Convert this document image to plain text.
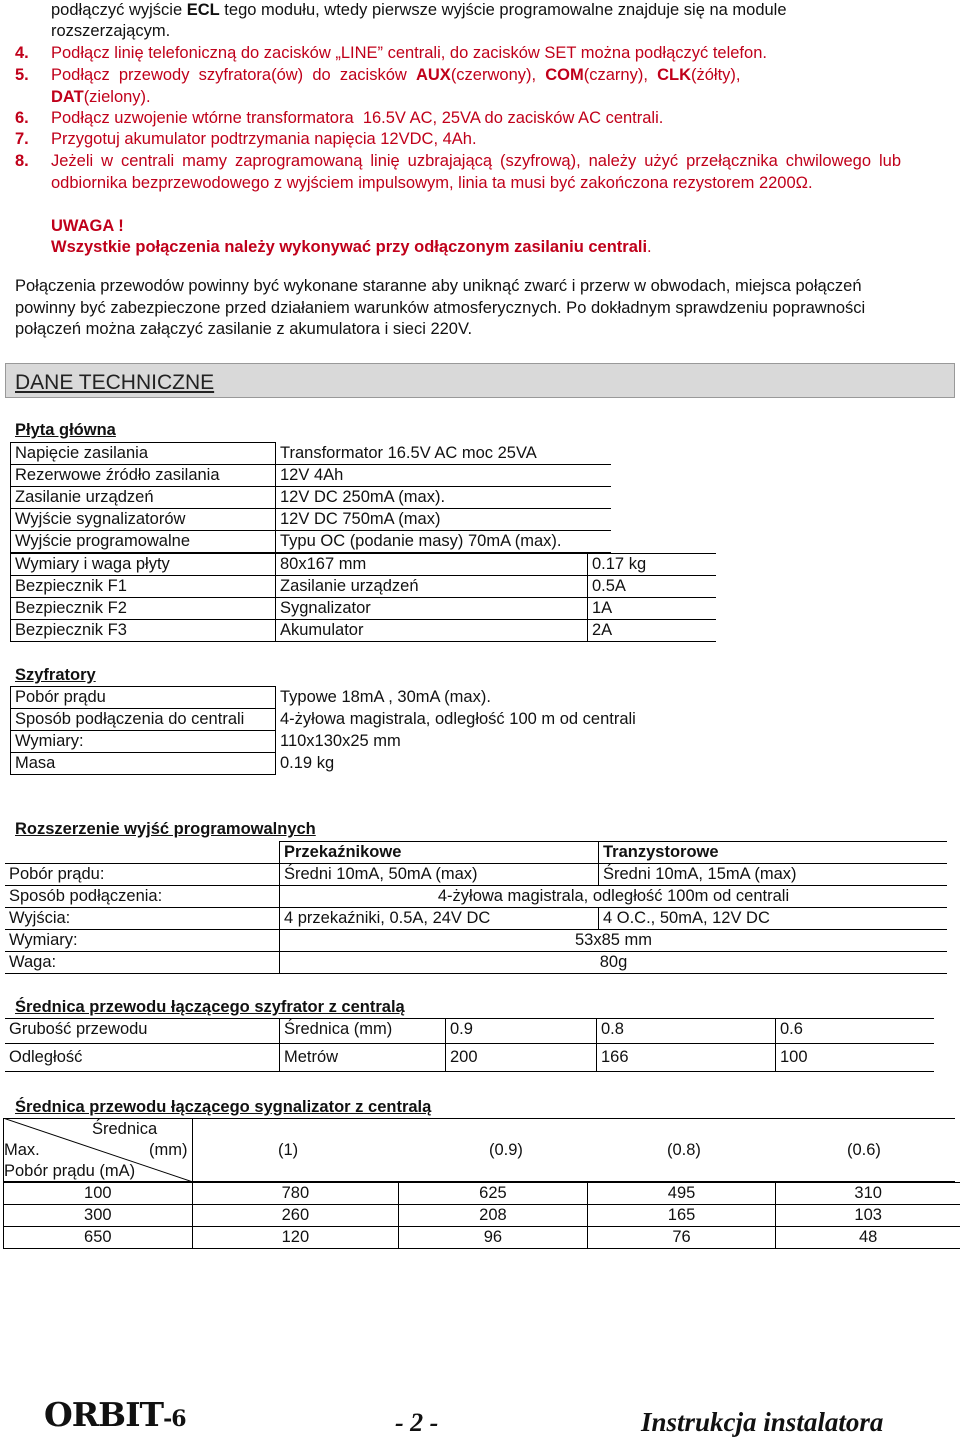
podłączyć wyjście ECL tego modułu, wtedy pierwsze wyjście programowalne znajduje się na module
rozszerzającym.
4. Podłącz linię telefoniczną do zacisków „LINE” centrali, do zacisków SET można podłączyć telefon.
5. Podłącz  przewody  szyfratora(ów)  do  zacisków  AUX(czerwony),  COM(czarny),  CLK(żółty),
DAT(zielony).
6. Podłącz uzwojenie wtórne transformatora  16.5V AC, 25VA do zacisków AC centrali.
7. Przygotuj akumulator podtrzymania napięcia 12VDC, 4Ah.
8. Jeżeli w centrali mamy zaprogramowaną linię uzbrajającą (szyfrową), należy użyć przełącznika chwilowego lub odbiornika bezprzewodowego z wyjściem impulsowym, linia ta musi być zakończona rezystorem 2200Ω.
UWAGA !
Wszystkie połączenia należy wykonywać przy odłączonym zasilaniu centrali.
Połączenia przewodów powinny być wykonane staranne aby uniknąć zwarć i przerw w obwodach, miejsca połączeń powinny być zabezpieczone przed działaniem warunków atmosferycznych. Po dokładnym sprawdzeniu poprawności połączeń można załączyć zasilanie z akumulatora i sieci 220V.
DANE TECHNICZNE
Płyta główna
Napięcie zasilania	Transformator 16.5V AC moc 25VA
Rezerwowe źródło zasilania	12V 4Ah
Zasilanie urządzeń	12V DC 250mA (max).
Wyjście sygnalizatorów	12V DC 750mA (max)
Wyjście programowalne	Typu OC (podanie masy) 70mA (max).
Wymiary i waga płyty	80x167 mm	0.17 kg
Bezpiecznik F1	Zasilanie urządzeń	0.5A
Bezpiecznik F2	Sygnalizator	1A
Bezpiecznik F3	Akumulator	2A
Szyfratory
Pobór prądu	Typowe 18mA , 30mA (max).
Sposób podłączenia do centrali	4-żyłowa magistrala, odległość 100 m od centrali
Wymiary:	110x130x25 mm
Masa	0.19 kg
Rozszerzenie wyjść programowalnych
	Przekaźnikowe	Tranzystorowe
Pobór prądu:	Średni 10mA, 50mA (max)	Średni 10mA, 15mA (max)
Sposób podłączenia:	4-żyłowa magistrala, odległość 100m od centrali	
Wyjścia:	4 przekaźniki, 0.5A, 24V DC	4 O.C., 50mA, 12V DC
Wymiary:	53x85 mm	
Waga:	80g	
Średnica przewodu łączącego szyfrator z centralą
Grubość przewodu	Średnica (mm)	0.9	0.8	0.6
Odległość	Metrów	200	166	100
Średnica przewodu łączącego sygnalizator z centralą
Średnica
Max.	(mm)
Pobór prądu (mA)
(1)	(0.9)	(0.8)	(0.6)
100	780	625	495	310
300	260	208	165	103
650	120	96	76	48
ORBIT-6	- 2 -	Instrukcja instalatora
